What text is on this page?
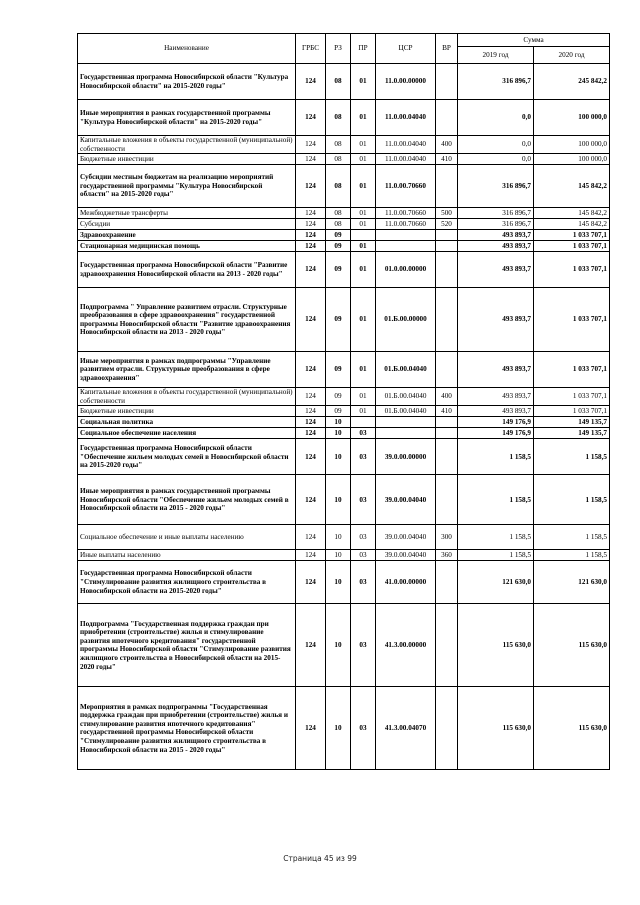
Наименование	ГРБС	РЗ	ПР	ЦСР	ВР	Сумма	
						2019 год	2020 год
Государственная программа Новосибирской области "Культура Новосибирской области" на 2015-2020 годы"	124	08	01	11.0.00.00000		316 896,7	245 842,2
Иные мероприятия в рамках государственной программы "Культура Новосибирской области" на 2015-2020 годы"	124	08	01	11.0.00.04040		0,0	100 000,0
Капитальные вложения в объекты государственной (муниципальной) собственности	124	08	01	11.0.00.04040	400	0,0	100 000,0
Бюджетные инвестиции	124	08	01	11.0.00.04040	410	0,0	100 000,0
Субсидии местным бюджетам на реализацию мероприятий государственной программы "Культура Новосибирской области" на 2015-2020 годы"	124	08	01	11.0.00.70660		316 896,7	145 842,2
Межбюджетные трансферты	124	08	01	11.0.00.70660	500	316 896,7	145 842,2
Субсидии	124	08	01	11.0.00.70660	520	316 896,7	145 842,2
Здравоохранение	124	09				493 893,7	1 033 707,1
Стационарная медицинская помощь	124	09	01			493 893,7	1 033 707,1
Государственная программа Новосибирской области "Развитие здравоохранения Новосибирской области на 2013 - 2020 годы"	124	09	01	01.0.00.00000		493 893,7	1 033 707,1
Подпрограмма " Управление развитием отрасли. Структурные преобразования в сфере здравоохранения" государственной программы Новосибирской области "Развитие здравоохранения Новосибирской области на 2013 - 2020 годы"	124	09	01	01.Б.00.00000		493 893,7	1 033 707,1
Иные мероприятия в рамках подпрограммы "Управление развитием отрасли. Структурные преобразования в сфере здравоохранения"	124	09	01	01.Б.00.04040		493 893,7	1 033 707,1
Капитальные вложения в объекты государственной (муниципальной) собственности	124	09	01	01.Б.00.04040	400	493 893,7	1 033 707,1
Бюджетные инвестиции	124	09	01	01.Б.00.04040	410	493 893,7	1 033 707,1
Социальная политика	124	10				149 176,9	149 135,7
Социальное обеспечение населения	124	10	03			149 176,9	149 135,7
Государственная программа Новосибирской области "Обеспечение жильем молодых семей в Новосибирской области на 2015-2020 годы"	124	10	03	39.0.00.00000		1 158,5	1 158,5
Иные мероприятия в рамках государственной программы Новосибирской области "Обеспечение жильем молодых семей в Новосибирской области на 2015 - 2020 годы"	124	10	03	39.0.00.04040		1 158,5	1 158,5
Социальное обеспечение и иные выплаты населению	124	10	03	39.0.00.04040	300	1 158,5	1 158,5
Иные выплаты населению	124	10	03	39.0.00.04040	360	1 158,5	1 158,5
Государственная программа Новосибирской области "Стимулирование развития жилищного строительства в Новосибирской области на 2015-2020 годы"	124	10	03	41.0.00.00000		121 630,0	121 630,0
Подпрограмма "Государственная поддержка граждан при приобретении (строительстве) жилья и стимулирование развития ипотечного кредитования" государственной программы Новосибирской области "Стимулирование развития жилищного строительства в Новосибирской области на 2015-2020 годы"	124	10	03	41.3.00.00000		115 630,0	115 630,0
Мероприятия в рамках подпрограммы "Государственная поддержка граждан при приобретении (строительстве) жилья и стимулирование развития ипотечного кредитования" государственной программы Новосибирской области "Стимулирование развития жилищного строительства в Новосибирской области на 2015 - 2020 годы"	124	10	03	41.3.00.04070		115 630,0	115 630,0
Страница 45 из 99
